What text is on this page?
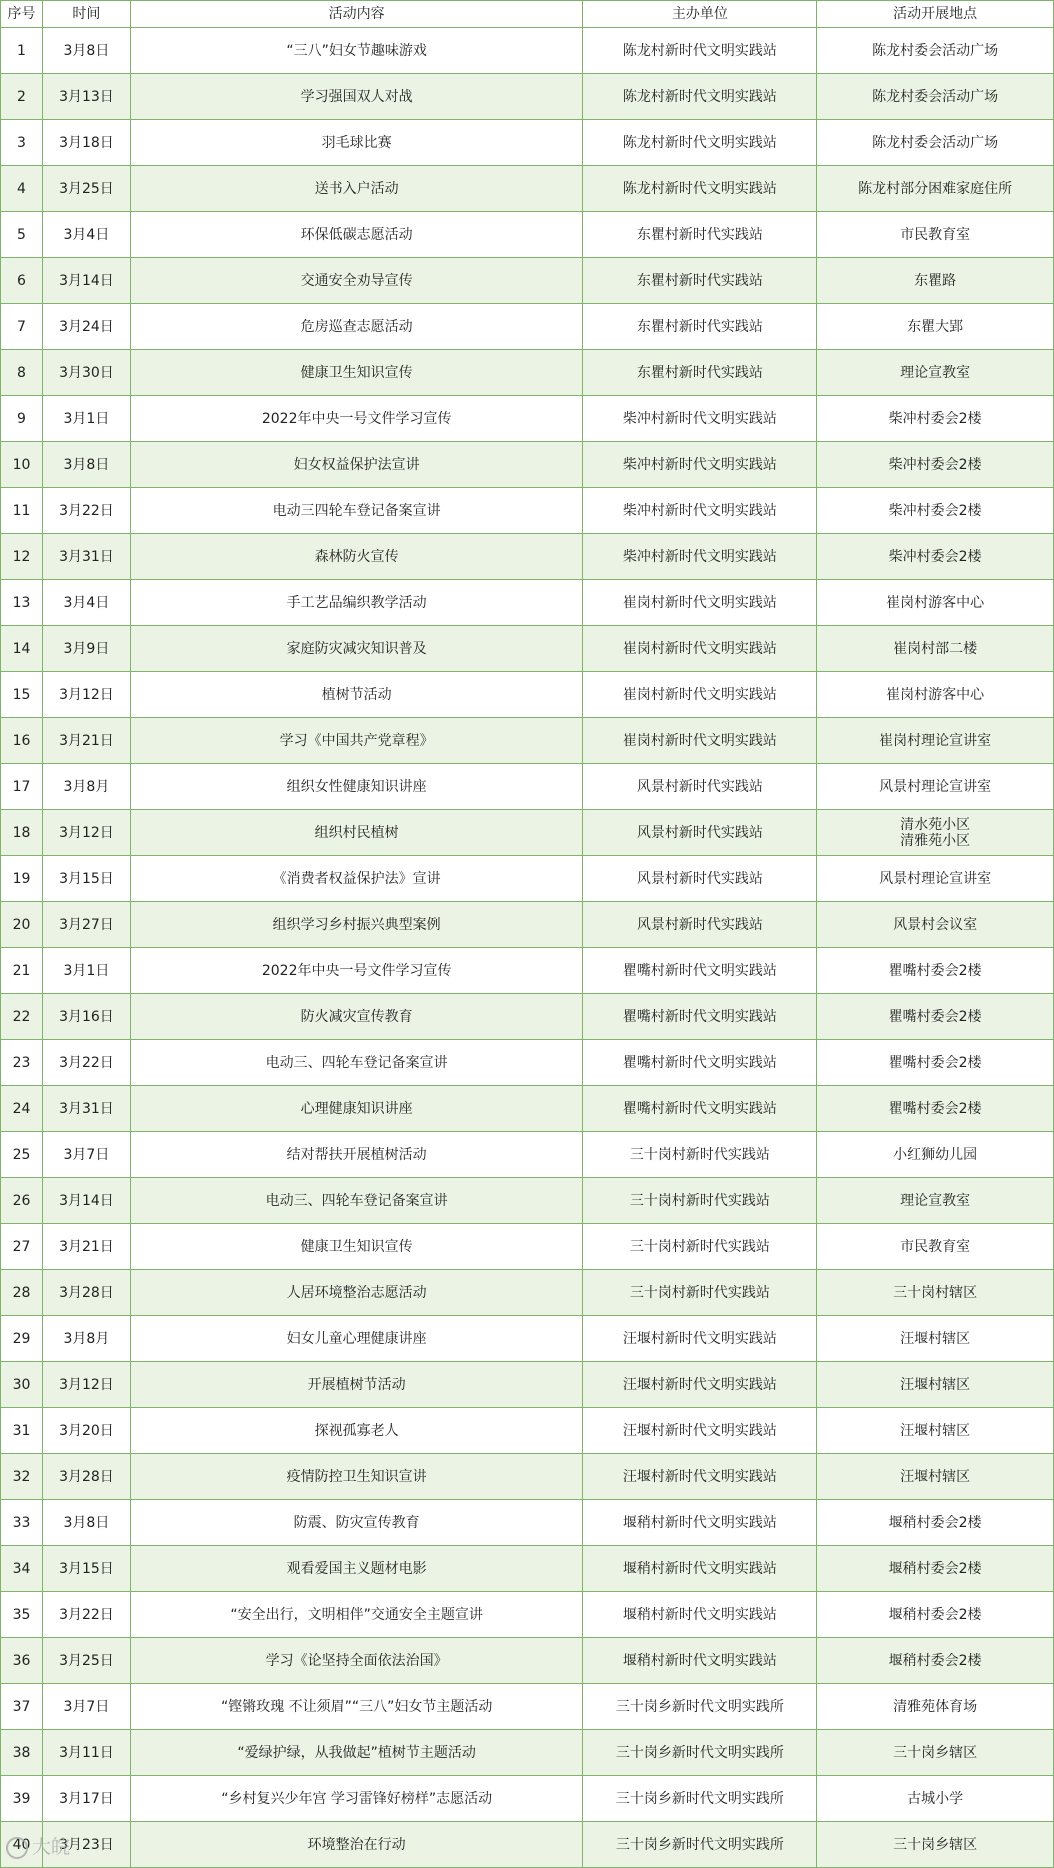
序号	时间	活动内容	主办单位	活动开展地点
1	3月8日	“三八”妇女节趣味游戏	陈龙村新时代文明实践站	陈龙村委会活动广场

2	3月13日	学习强国双人对战	陈龙村新时代文明实践站	陈龙村委会活动广场

3	3月18日	羽毛球比赛	陈龙村新时代文明实践站	陈龙村委会活动广场

4	3月25日	送书入户活动	陈龙村新时代文明实践站	陈龙村部分困难家庭住所

5	3月4日	环保低碳志愿活动	东瞿村新时代实践站	市民教育室

6	3月14日	交通安全劝导宣传	东瞿村新时代实践站	东瞿路

7	3月24日	危房巡查志愿活动	东瞿村新时代实践站	东瞿大郢

8	3月30日	健康卫生知识宣传	东瞿村新时代实践站	理论宣教室

9	3月1日	2022年中央一号文件学习宣传	柴冲村新时代文明实践站	柴冲村委会2楼

10	3月8日	妇女权益保护法宣讲	柴冲村新时代文明实践站	柴冲村委会2楼

11	3月22日	电动三四轮车登记备案宣讲	柴冲村新时代文明实践站	柴冲村委会2楼

12	3月31日	森林防火宣传	柴冲村新时代文明实践站	柴冲村委会2楼

13	3月4日	手工艺品编织教学活动	崔岗村新时代文明实践站	崔岗村游客中心

14	3月9日	家庭防灾减灾知识普及	崔岗村新时代文明实践站	崔岗村部二楼

15	3月12日	植树节活动	崔岗村新时代文明实践站	崔岗村游客中心

16	3月21日	学习《中国共产党章程》	崔岗村新时代文明实践站	崔岗村理论宣讲室

17	3月8月	组织女性健康知识讲座	风景村新时代实践站	风景村理论宣讲室

18	3月12日	组织村民植树	风景村新时代实践站	清水苑小区
清雅苑小区

19	3月15日	《消费者权益保护法》宣讲	风景村新时代实践站	风景村理论宣讲室

20	3月27日	组织学习乡村振兴典型案例	风景村新时代实践站	风景村会议室

21	3月1日	2022年中央一号文件学习宣传	瞿嘴村新时代文明实践站	瞿嘴村委会2楼

22	3月16日	防火减灾宣传教育	瞿嘴村新时代文明实践站	瞿嘴村委会2楼

23	3月22日	电动三、四轮车登记备案宣讲	瞿嘴村新时代文明实践站	瞿嘴村委会2楼

24	3月31日	心理健康知识讲座	瞿嘴村新时代文明实践站	瞿嘴村委会2楼

25	3月7日	结对帮扶开展植树活动	三十岗村新时代实践站	小红狮幼儿园

26	3月14日	电动三、四轮车登记备案宣讲	三十岗村新时代实践站	理论宣教室

27	3月21日	健康卫生知识宣传	三十岗村新时代实践站	市民教育室

28	3月28日	人居环境整治志愿活动	三十岗村新时代实践站	三十岗村辖区

29	3月8月	妇女儿童心理健康讲座	汪堰村新时代文明实践站	汪堰村辖区

30	3月12日	开展植树节活动	汪堰村新时代文明实践站	汪堰村辖区

31	3月20日	探视孤寡老人	汪堰村新时代文明实践站	汪堰村辖区

32	3月28日	疫情防控卫生知识宣讲	汪堰村新时代文明实践站	汪堰村辖区

33	3月8日	防震、防灾宣传教育	堰稍村新时代文明实践站	堰稍村委会2楼

34	3月15日	观看爱国主义题材电影	堰稍村新时代文明实践站	堰稍村委会2楼

35	3月22日	“安全出行，文明相伴”交通安全主题宣讲	堰稍村新时代文明实践站	堰稍村委会2楼

36	3月25日	学习《论坚持全面依法治国》	堰稍村新时代文明实践站	堰稍村委会2楼

37	3月7日	“铿锵玫瑰 不让须眉”“三八”妇女节主题活动	三十岗乡新时代文明实践所	清雅苑体育场

38	3月11日	“爱绿护绿，从我做起”植树节主题活动	三十岗乡新时代文明实践所	三十岗乡辖区

39	3月17日	“乡村复兴少年宫 学习雷锋好榜样”志愿活动	三十岗乡新时代文明实践所	古城小学

40	3月23日	环境整治在行动	三十岗乡新时代文明实践所	三十岗乡辖区
大皖
